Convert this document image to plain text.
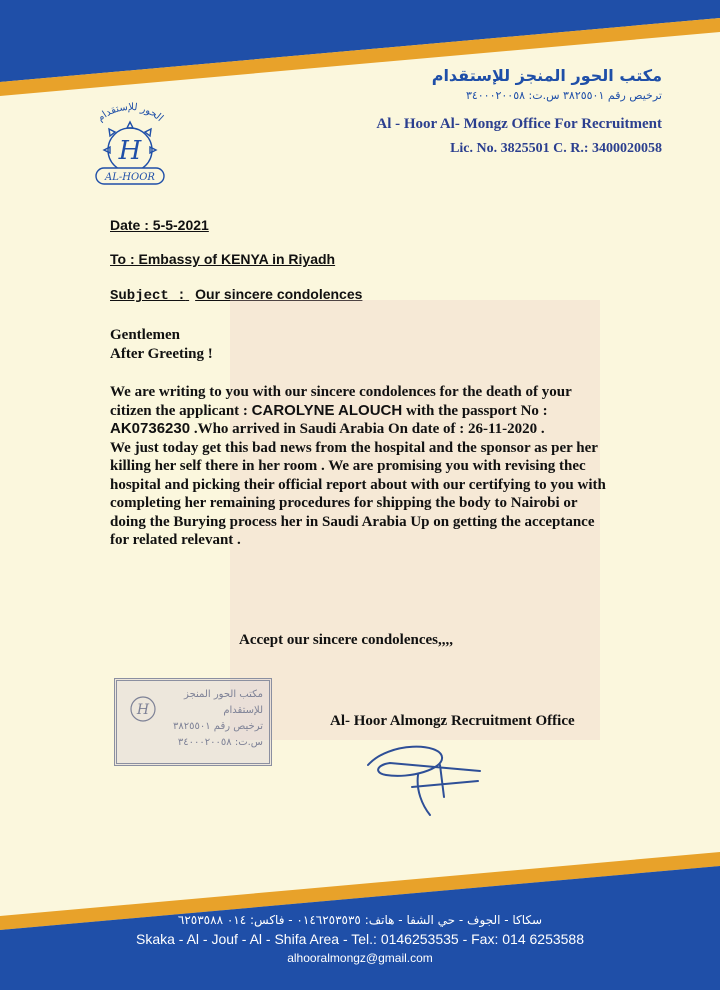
الحور للإستقدام
H
AL-HOOR
مكتب الحور المنجز للإستقدام
ترخيص رقم ٣٨٢٥٥٠١ س.ت: ٣٤٠٠٠٢٠٠٥٨
Al - Hoor Al- Mongz Office For Recruitment
Lic. No. 3825501 C. R.: 3400020058
Date : 5-5-2021
To : Embassy of KENYA in Riyadh
Subject : Our sincere condolences

Gentlemen

After Greeting !

We are writing to you with our sincere condolences for the death of your citizen the applicant : CAROLYNE ALOUCH with the passport No : AK0736230 .Who arrived in Saudi Arabia On date of : 26-11-2020 .

We just today get this bad news from the hospital and the sponsor as per her killing her self there in her room . We are promising you with revising thec hospital and picking their official report about with our certifying to you with completing her remaining procedures for shipping the body to Nairobi or doing the Burying process her in Saudi Arabia Up on getting the acceptance for related relevant .

Accept our sincere condolences,,,,
H
مكتب الحور المنجز
للإستقدام
ترخيص رقم ٣٨٢٥٥٠١
س.ت: ٣٤٠٠٠٢٠٠٥٨
Al- Hoor Almongz Recruitment Office
سكاكا - الجوف - حي الشفا - هاتف: ٠١٤٦٢٥٣٥٣٥ - فاكس: ٠١٤ ٦٢٥٣٥٨٨
Skaka - Al - Jouf - Al - Shifa Area - Tel.: 0146253535 - Fax: 014 6253588
alhooralmongz@gmail.com
